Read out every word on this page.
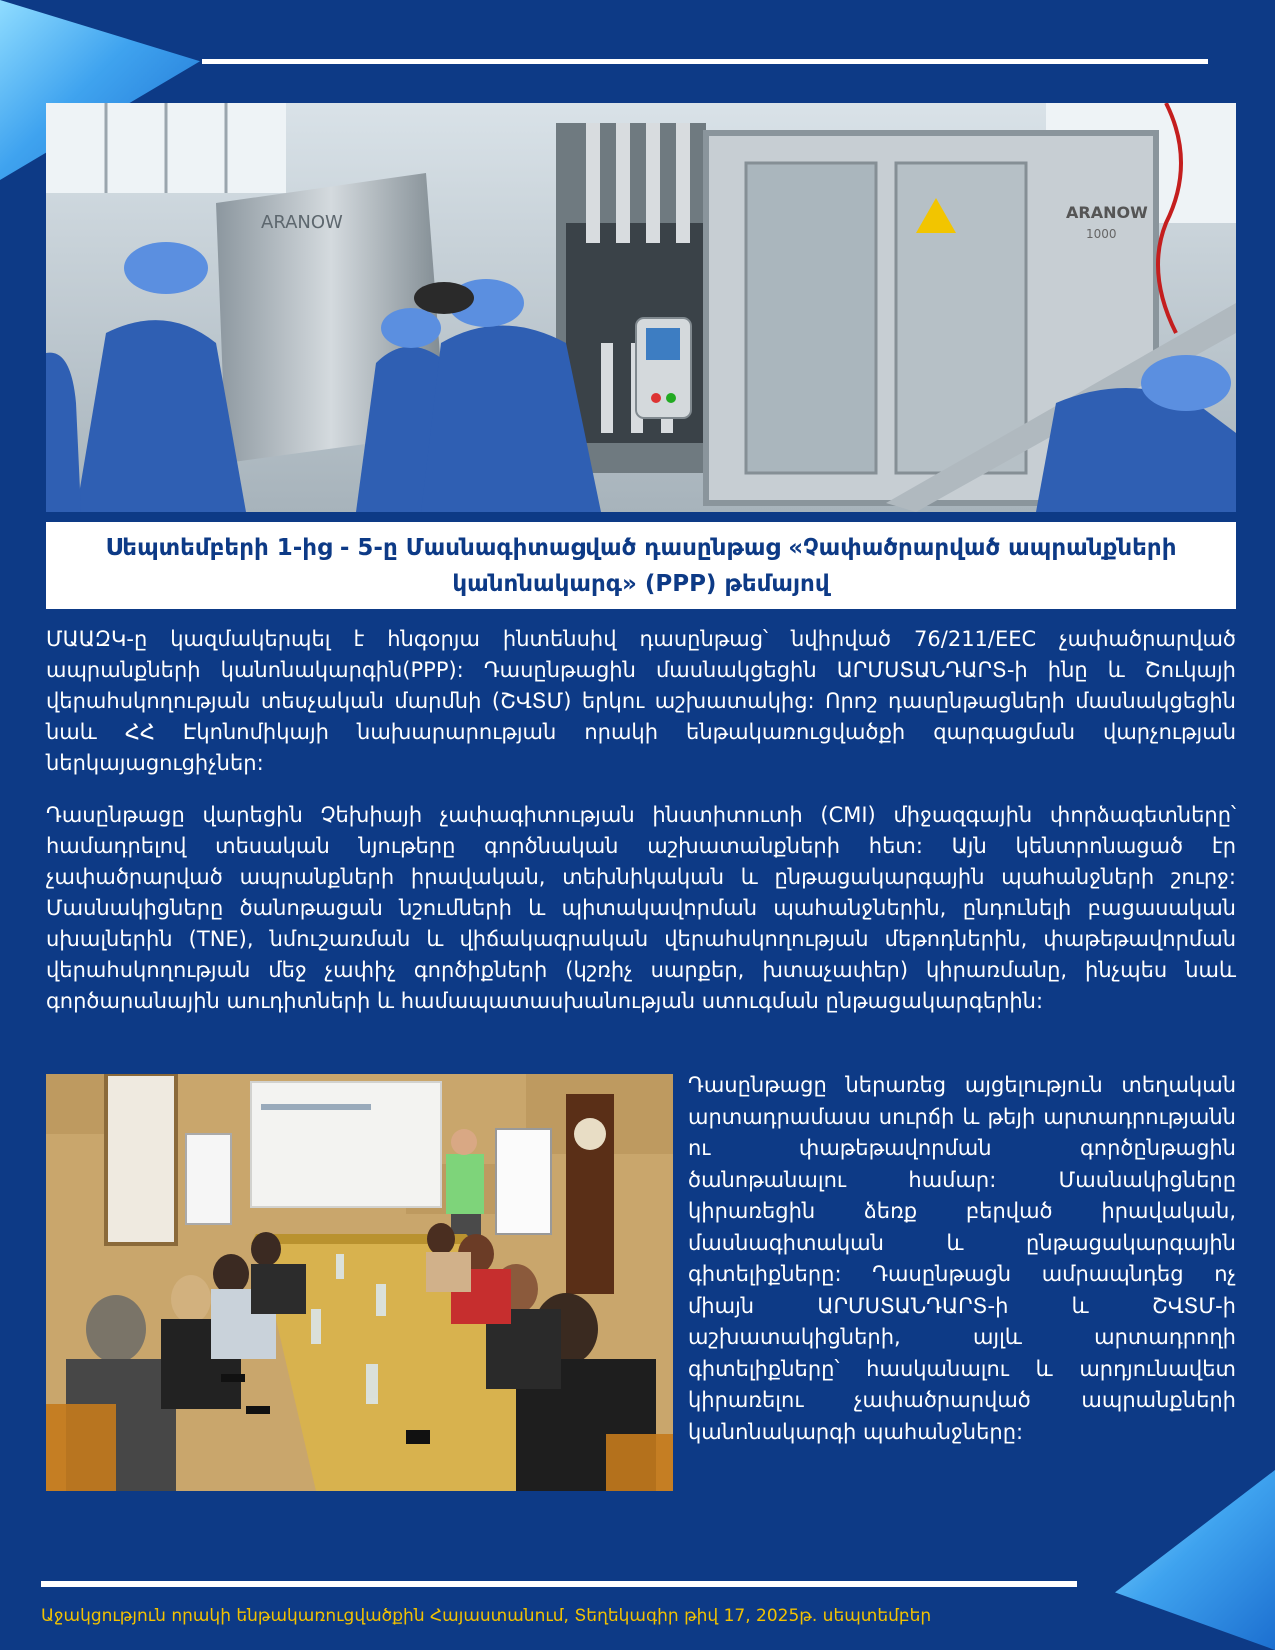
ARANOW	ARANOW
1000
Սեպտեմբերի 1-ից - 5-ը Մասնագիտացված դասընթաց «Չափածրարված ապրանքների կանոնակարգ» (PPP) թեմայով
ՄԱԱԶԿ-ը կազմակերպել է հնգօրյա ինտենսիվ դասընթաց՝ նվիրված 76/211/EEC չափածրարված ապրանքների կանոնակարգին(PPP): Դասընթացին մասնակցեցին ԱՐՄՍՏԱՆԴԱՐՏ-ի ինը և Շուկայի վերահսկողության տեսչական մարմնի (ՇՎՏՄ) երկու աշխատակից: Որոշ դասընթացների մասնակցեցին նաև ՀՀ Էկոնոմիկայի նախարարության որակի ենթակառուցվածքի զարգացման վարչության ներկայացուցիչներ:
Դասընթացը վարեցին Չեխիայի չափագիտության ինստիտուտի (CMI) միջազգային փորձագետները՝ համադրելով տեսական նյութերը գործնական աշխատանքների հետ: Այն կենտրոնացած էր չափածրարված ապրանքների իրավական, տեխնիկական և ընթացակարգային պահանջների շուրջ: Մասնակիցները ծանոթացան նշումների և պիտակավորման պահանջներին, ընդունելի բացասական սխալներին (TNE), նմուշառման և վիճակագրական վերահսկողության մեթոդներին, փաթեթավորման վերահսկողության մեջ չափիչ գործիքների (կշռիչ սարքեր, խտաչափեր) կիրառմանը, ինչպես նաև գործարանային աուդիտների և համապատասխանության ստուգման ընթացակարգերին:
Դասընթացը ներառեց այցելություն տեղական արտադրամասս սուրճի և թեյի արտադրությանն ու փաթեթավորման գործընթացին ծանոթանալու համար: Մասնակիցները կիրառեցին ձեռք բերված իրավական, մասնագիտական և ընթացակարգային գիտելիքները: Դասընթացն ամրապնդեց ոչ միայն ԱՐՄՍՏԱՆԴԱՐՏ-ի և ՇՎՏՄ-ի աշխատակիցների, այլև արտադրողի գիտելիքները՝ հասկանալու և արդյունավետ կիրառելու չափածրարված ապրանքների կանոնակարգի պահանջները:
Աջակցություն որակի ենթակառուցվածքին Հայաստանում, Տեղեկագիր թիվ 17, 2025թ. սեպտեմբեր
